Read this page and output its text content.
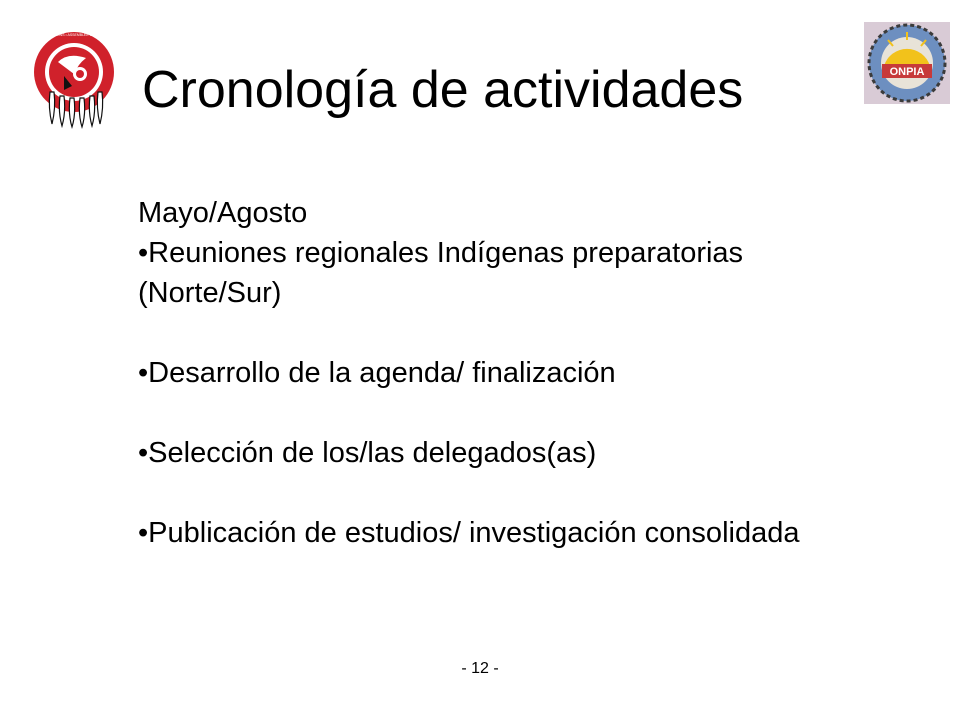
ASSEMBLY of FIRST NATIONS • ASSEMBLÉE des PREMIÈRES NATIONS
ONPIA
Cronología de actividades

Mayo/Agosto

•Reuniones regionales Indígenas preparatorias (Norte/Sur)

•Desarrollo de la agenda/ finalización

•Selección de los/las delegados(as)

•Publicación de estudios/ investigación consolidada

- 12 -
